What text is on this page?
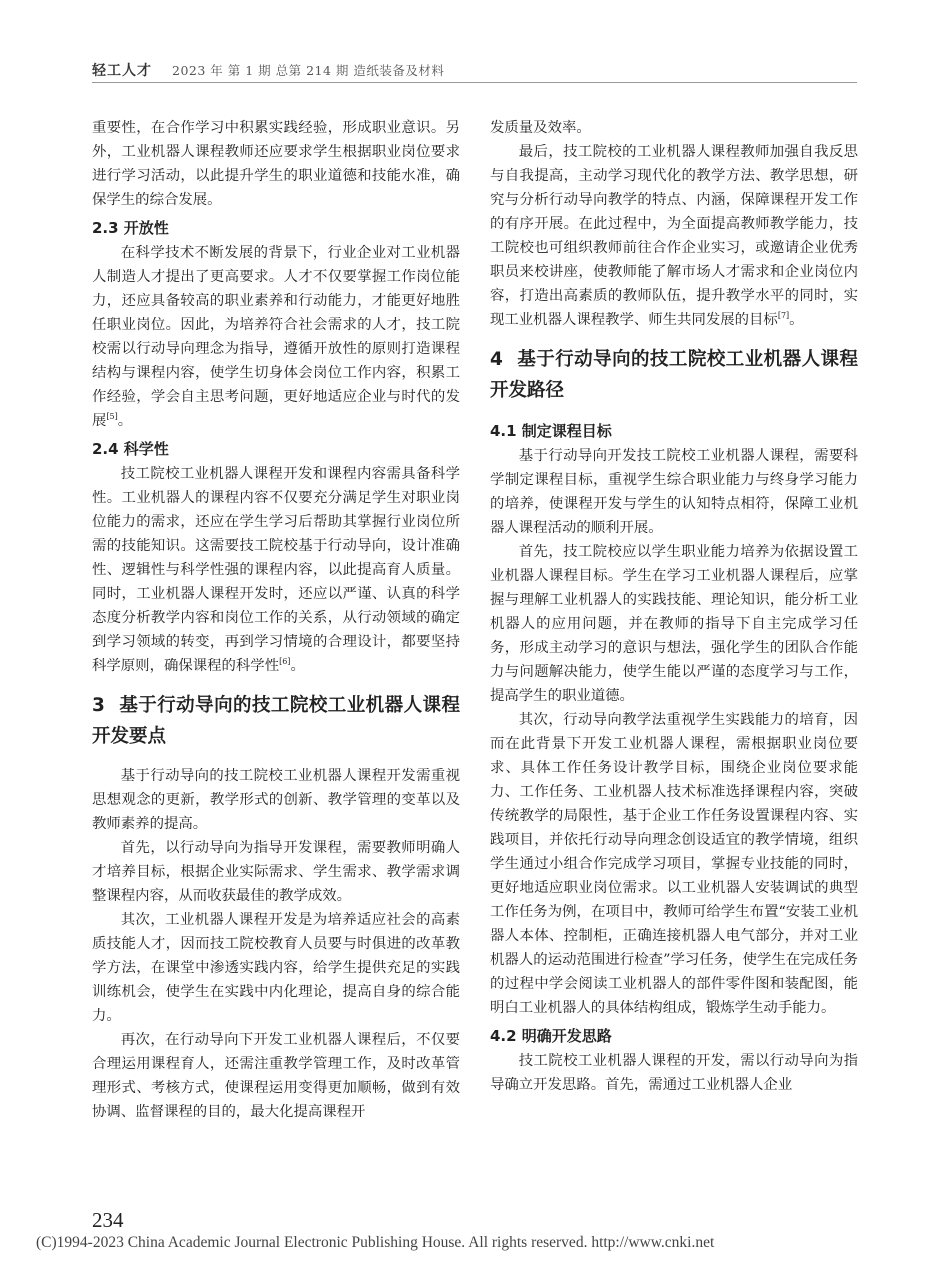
轻工人才 2023 年 第 1 期 总第 214 期 造纸装备及材料

重要性，在合作学习中积累实践经验，形成职业意识。另外，工业机器人课程教师还应要求学生根据职业岗位要求进行学习活动，以此提升学生的职业道德和技能水准，确保学生的综合发展。

2.3 开放性

在科学技术不断发展的背景下，行业企业对工业机器人制造人才提出了更高要求。人才不仅要掌握工作岗位能力，还应具备较高的职业素养和行动能力，才能更好地胜任职业岗位。因此，为培养符合社会需求的人才，技工院校需以行动导向理念为指导，遵循开放性的原则打造课程结构与课程内容，使学生切身体会岗位工作内容，积累工作经验，学会自主思考问题，更好地适应企业与时代的发展[5]。

2.4 科学性

技工院校工业机器人课程开发和课程内容需具备科学性。工业机器人的课程内容不仅要充分满足学生对职业岗位能力的需求，还应在学生学习后帮助其掌握行业岗位所需的技能知识。这需要技工院校基于行动导向，设计准确性、逻辑性与科学性强的课程内容，以此提高育人质量。同时，工业机器人课程开发时，还应以严谨、认真的科学态度分析教学内容和岗位工作的关系，从行动领域的确定到学习领域的转变，再到学习情境的合理设计，都要坚持科学原则，确保课程的科学性[6]。

3 基于行动导向的技工院校工业机器人课程开发要点

基于行动导向的技工院校工业机器人课程开发需重视思想观念的更新，教学形式的创新、教学管理的变革以及教师素养的提高。

首先，以行动导向为指导开发课程，需要教师明确人才培养目标，根据企业实际需求、学生需求、教学需求调整课程内容，从而收获最佳的教学成效。

其次，工业机器人课程开发是为培养适应社会的高素质技能人才，因而技工院校教育人员要与时俱进的改革教学方法，在课堂中渗透实践内容，给学生提供充足的实践训练机会，使学生在实践中内化理论，提高自身的综合能力。

再次，在行动导向下开发工业机器人课程后，不仅要合理运用课程育人，还需注重教学管理工作，及时改革管理形式、考核方式，使课程运用变得更加顺畅，做到有效协调、监督课程的目的，最大化提高课程开

发质量及效率。

最后，技工院校的工业机器人课程教师加强自我反思与自我提高，主动学习现代化的教学方法、教学思想，研究与分析行动导向教学的特点、内涵，保障课程开发工作的有序开展。在此过程中，为全面提高教师教学能力，技工院校也可组织教师前往合作企业实习，或邀请企业优秀职员来校讲座，使教师能了解市场人才需求和企业岗位内容，打造出高素质的教师队伍，提升教学水平的同时，实现工业机器人课程教学、师生共同发展的目标[7]。

4 基于行动导向的技工院校工业机器人课程开发路径
4.1 制定课程目标

基于行动导向开发技工院校工业机器人课程，需要科学制定课程目标，重视学生综合职业能力与终身学习能力的培养，使课程开发与学生的认知特点相符，保障工业机器人课程活动的顺利开展。

首先，技工院校应以学生职业能力培养为依据设置工业机器人课程目标。学生在学习工业机器人课程后，应掌握与理解工业机器人的实践技能、理论知识，能分析工业机器人的应用问题，并在教师的指导下自主完成学习任务，形成主动学习的意识与想法，强化学生的团队合作能力与问题解决能力，使学生能以严谨的态度学习与工作，提高学生的职业道德。

其次，行动导向教学法重视学生实践能力的培育，因而在此背景下开发工业机器人课程，需根据职业岗位要求、具体工作任务设计教学目标，围绕企业岗位要求能力、工作任务、工业机器人技术标准选择课程内容，突破传统教学的局限性，基于企业工作任务设置课程内容、实践项目，并依托行动导向理念创设适宜的教学情境，组织学生通过小组合作完成学习项目，掌握专业技能的同时，更好地适应职业岗位需求。以工业机器人安装调试的典型工作任务为例，在项目中，教师可给学生布置“安装工业机器人本体、控制柜，正确连接机器人电气部分，并对工业机器人的运动范围进行检查”学习任务，使学生在完成任务的过程中学会阅读工业机器人的部件零件图和装配图，能明白工业机器人的具体结构组成，锻炼学生动手能力。

4.2 明确开发思路

技工院校工业机器人课程的开发，需以行动导向为指导确立开发思路。首先，需通过工业机器人企业

234
(C)1994-2023 China Academic Journal Electronic Publishing House. All rights reserved. http://www.cnki.net
